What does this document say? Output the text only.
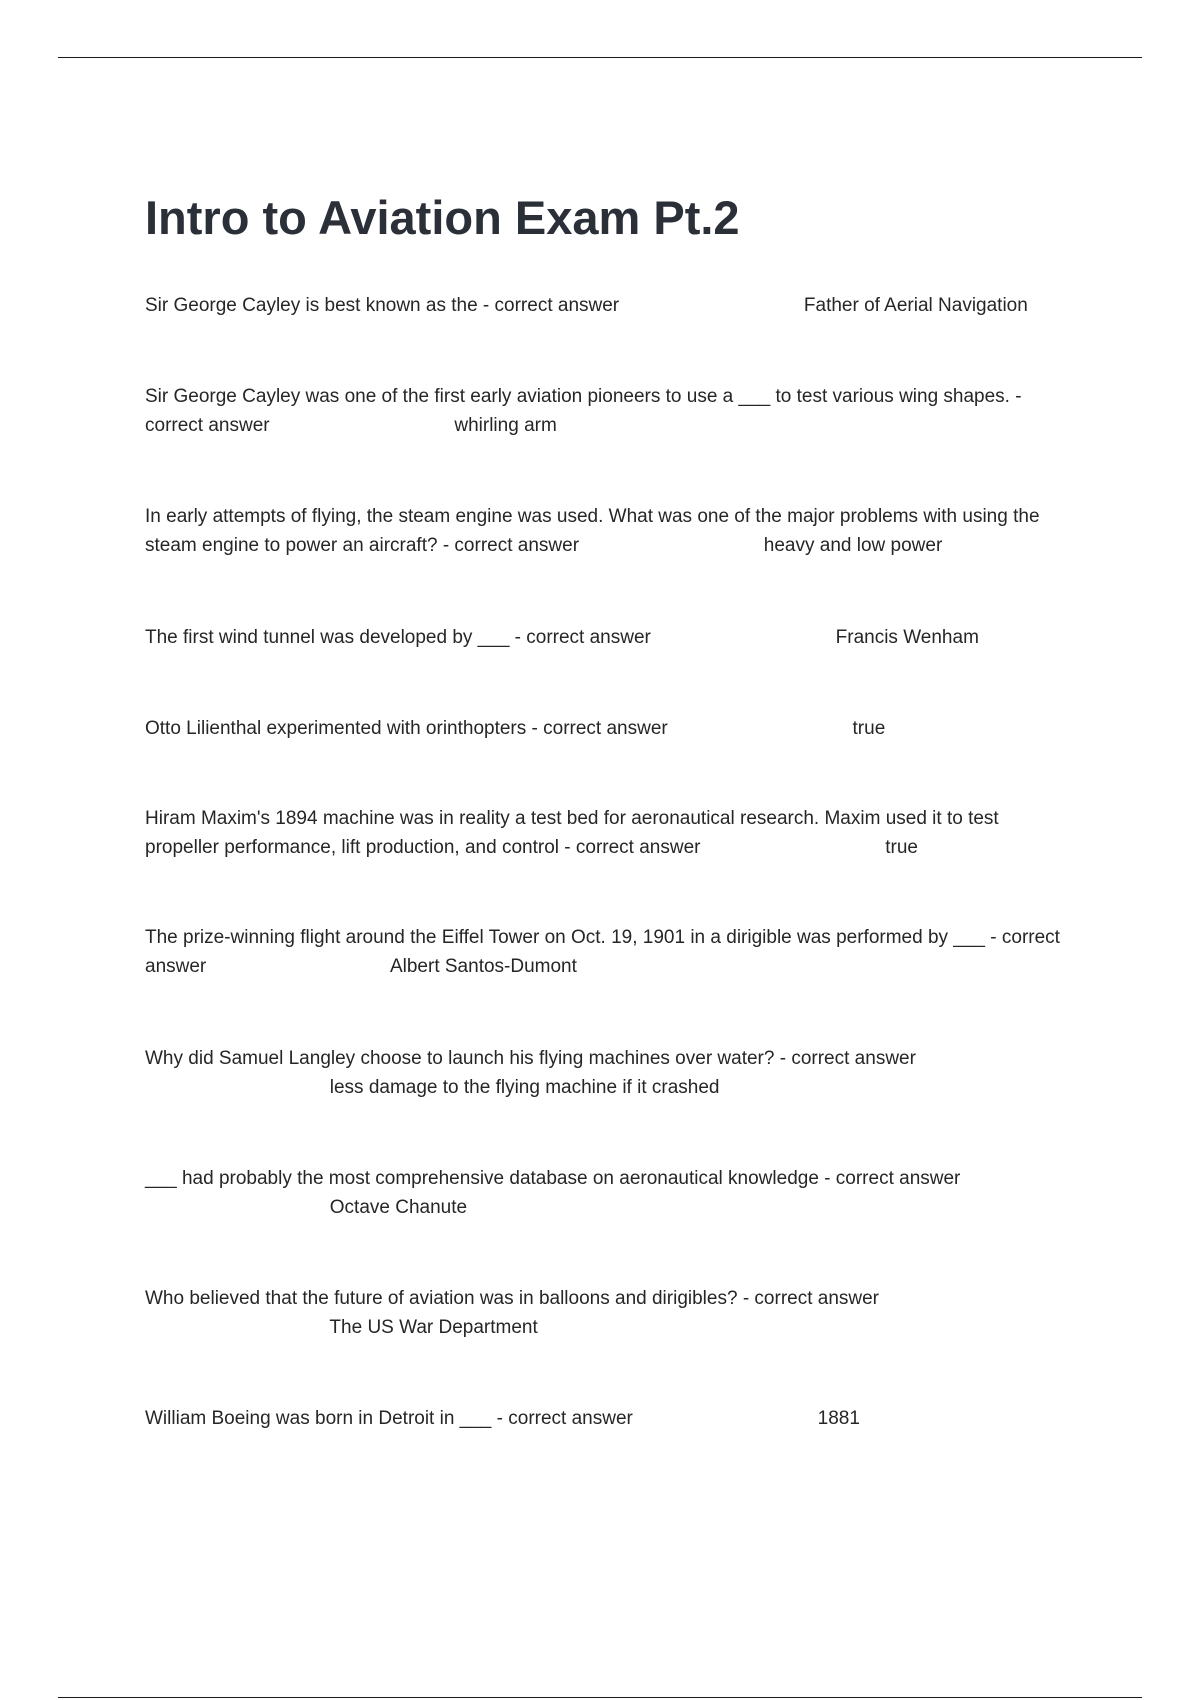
Intro to Aviation Exam Pt.2

Sir George Cayley is best known as the - correct answer	Father of Aerial Navigation

Sir George Cayley was one of the first early aviation pioneers to use a ___ to test various wing shapes. - correct answer	whirling arm

In early attempts of flying, the steam engine was used. What was one of the major problems with using the steam engine to power an aircraft? - correct answer	heavy and low power

The first wind tunnel was developed by ___ - correct answer	Francis Wenham

Otto Lilienthal experimented with orinthopters - correct answer	true

Hiram Maxim's 1894 machine was in reality a test bed for aeronautical research. Maxim used it to test propeller performance, lift production, and control - correct answer	true

The prize-winning flight around the Eiffel Tower on Oct. 19, 1901 in a dirigible was performed by ___ - correct answer	Albert Santos-Dumont

Why did Samuel Langley choose to launch his flying machines over water? - correct answer                                   less damage to the flying machine if it crashed

___ had probably the most comprehensive database on aeronautical knowledge - correct answer                                   Octave Chanute

Who believed that the future of aviation was in balloons and dirigibles? - correct answer                                   The US War Department

William Boeing was born in Detroit in ___ - correct answer	1881
